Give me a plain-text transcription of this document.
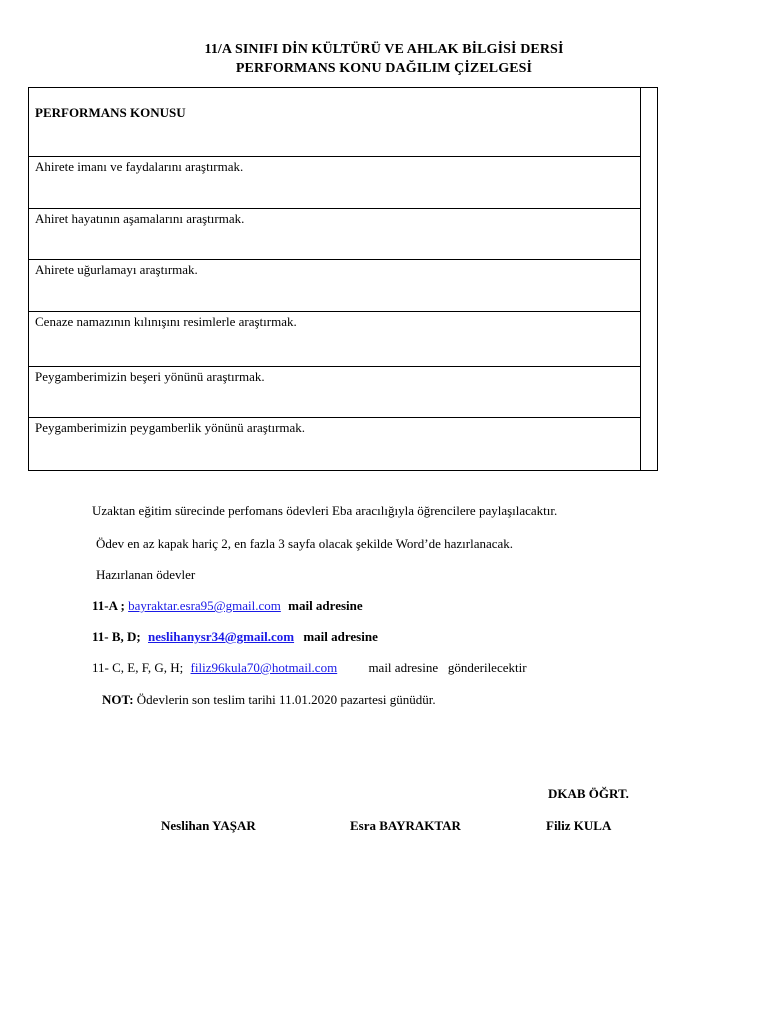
11/A SINIFI DİN KÜLTÜRÜ VE AHLAK BİLGİSİ DERSİ
PERFORMANS KONU DAĞILIM ÇİZELGESİ
PERFORMANS KONUSU
Ahirete imanı ve faydalarını araştırmak.
Ahiret hayatının aşamalarını araştırmak.
Ahirete uğurlamayı araştırmak.
Cenaze namazının kılınışını resimlerle araştırmak.
Peygamberimizin beşeri yönünü araştırmak.
Peygamberimizin peygamberlik yönünü araştırmak.
Uzaktan eğitim sürecinde perfomans ödevleri Eba aracılığıyla öğrencilere paylaşılacaktır.
Ödev en az kapak hariç 2, en fazla 3 sayfa olacak şekilde Word’de hazırlanacak.
Hazırlanan ödevler
11-A ; bayraktar.esra95@gmail.com mail adresine
11- B, D; neslihanysr34@gmail.com mail adresine
11- C, E, F, G, H; filiz96kula70@hotmail.com mail adresine   gönderilecektir
NOT: Ödevlerin son teslim tarihi 11.01.2020 pazartesi günüdür.
DKAB ÖĞRT.
Neslihan YAŞAR	Esra BAYRAKTAR	Filiz KULA
